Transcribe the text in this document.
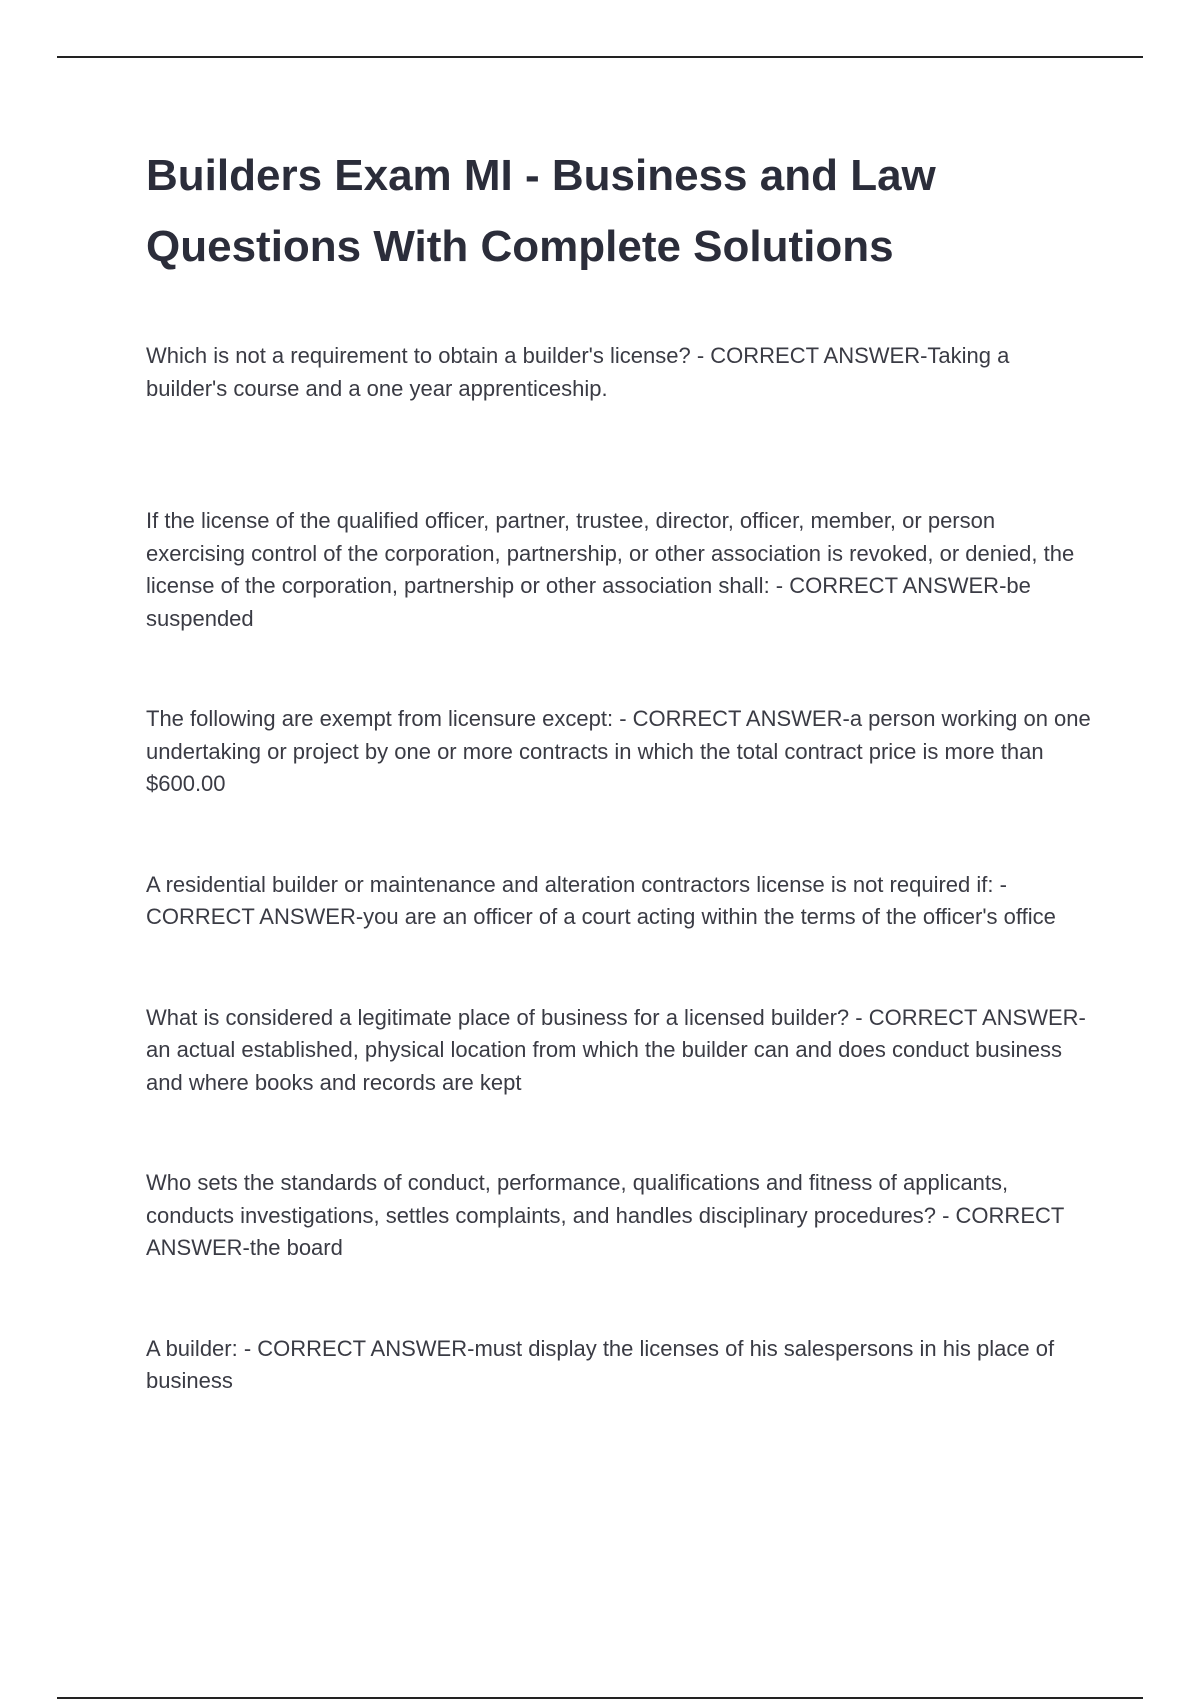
Builders Exam MI - Business and Law Questions With Complete Solutions

Which is not a requirement to obtain a builder's license? - CORRECT ANSWER-Taking a builder's course and a one year apprenticeship.

If the license of the qualified officer, partner, trustee, director, officer, member, or person exercising control of the corporation, partnership, or other association is revoked, or denied, the license of the corporation, partnership or other association shall: - CORRECT ANSWER-be suspended

The following are exempt from licensure except: - CORRECT ANSWER-a person working on one undertaking or project by one or more contracts in which the total contract price is more than $600.00

A residential builder or maintenance and alteration contractors license is not required if: - CORRECT ANSWER-you are an officer of a court acting within the terms of the officer's office

What is considered a legitimate place of business for a licensed builder? - CORRECT ANSWER-an actual established, physical location from which the builder can and does conduct business and where books and records are kept

Who sets the standards of conduct, performance, qualifications and fitness of applicants, conducts investigations, settles complaints, and handles disciplinary procedures? - CORRECT ANSWER-the board

A builder: - CORRECT ANSWER-must display the licenses of his salespersons in his place of business
